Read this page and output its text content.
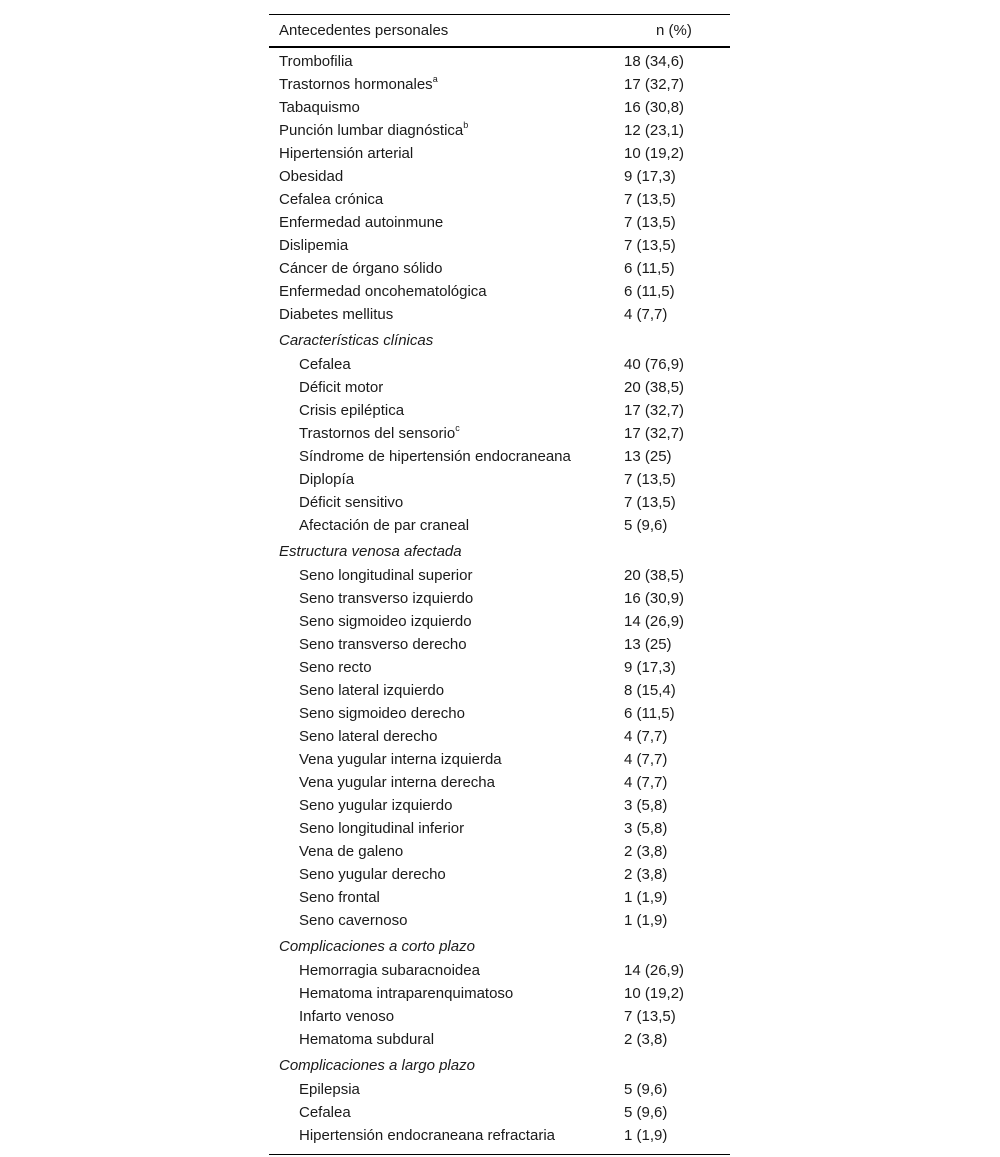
Antecedentes personales	n (%)
Trombofilia	18 (34,6)
Trastornos hormonales$^a$	17 (32,7)
Tabaquismo	16 (30,8)
Punción lumbar diagnóstica$^b$	12 (23,1)
Hipertensión arterial	10 (19,2)
Obesidad	9 (17,3)
Cefalea crónica	7 (13,5)
Enfermedad autoinmune	7 (13,5)
Dislipemia	7 (13,5)
Cáncer de órgano sólido	6 (11,5)
Enfermedad oncohematológica	6 (11,5)
Diabetes mellitus	4 (7,7)
Características clínicas	
Cefalea	40 (76,9)
Déficit motor	20 (38,5)
Crisis epiléptica	17 (32,7)
Trastornos del sensorio$^c$	17 (32,7)
Síndrome de hipertensión endocraneana	13 (25)
Diplopía	7 (13,5)
Déficit sensitivo	7 (13,5)
Afectación de par craneal	5 (9,6)
Estructura venosa afectada	
Seno longitudinal superior	20 (38,5)
Seno transverso izquierdo	16 (30,9)
Seno sigmoideo izquierdo	14 (26,9)
Seno transverso derecho	13 (25)
Seno recto	9 (17,3)
Seno lateral izquierdo	8 (15,4)
Seno sigmoideo derecho	6 (11,5)
Seno lateral derecho	4 (7,7)
Vena yugular interna izquierda	4 (7,7)
Vena yugular interna derecha	4 (7,7)
Seno yugular izquierdo	3 (5,8)
Seno longitudinal inferior	3 (5,8)
Vena de galeno	2 (3,8)
Seno yugular derecho	2 (3,8)
Seno frontal	1 (1,9)
Seno cavernoso	1 (1,9)
Complicaciones a corto plazo	
Hemorragia subaracnoidea	14 (26,9)
Hematoma intraparenquimatoso	10 (19,2)
Infarto venoso	7 (13,5)
Hematoma subdural	2 (3,8)
Complicaciones a largo plazo	
Epilepsia	5 (9,6)
Cefalea	5 (9,6)
Hipertensión endocraneana refractaria	1 (1,9)
